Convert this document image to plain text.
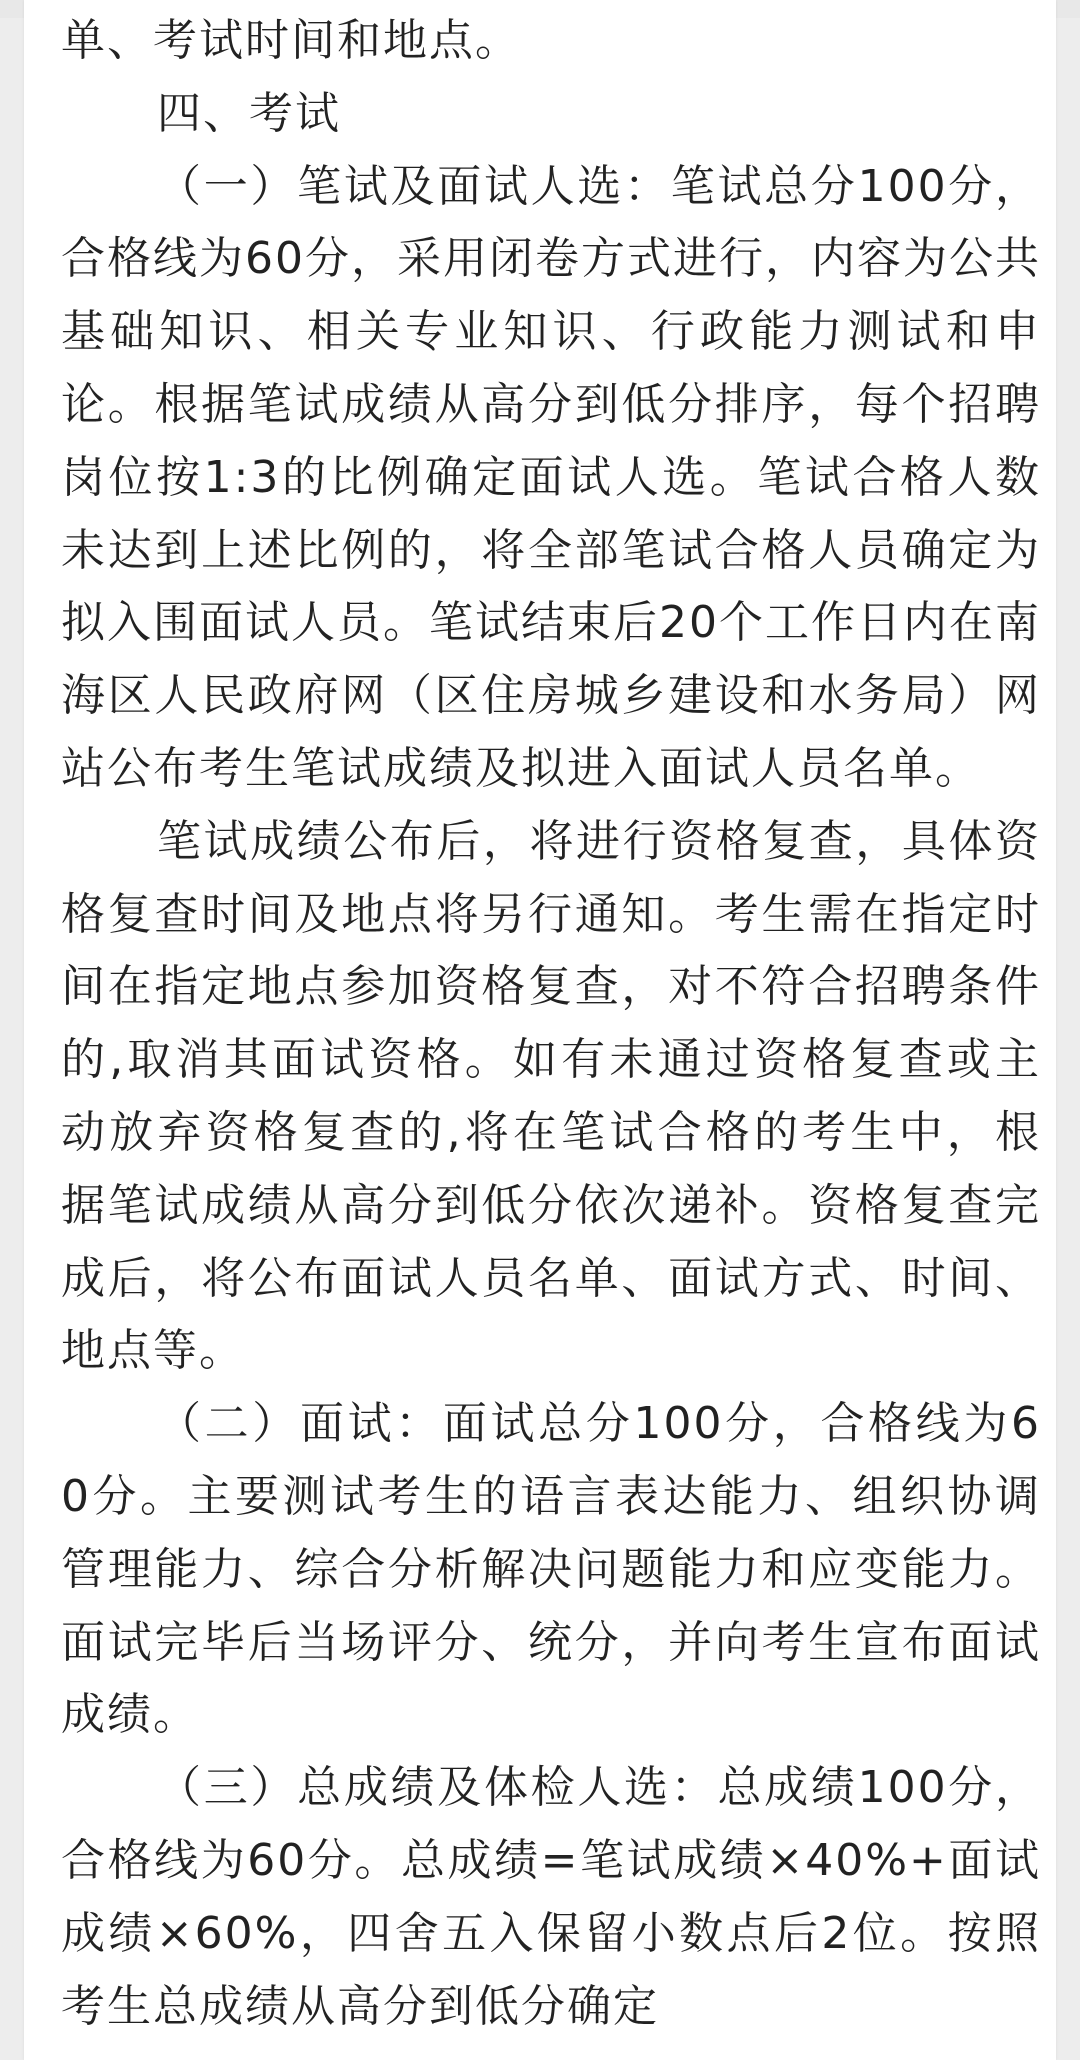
单、考试时间和地点。

四、考试

（一）笔试及面试人选：笔试总分100分，合格线为60分，采用闭卷方式进行，内容为公共基础知识、相关专业知识、行政能力测试和申论。根据笔试成绩从高分到低分排序，每个招聘岗位按1:3的比例确定面试人选。笔试合格人数未达到上述比例的，将全部笔试合格人员确定为拟入围面试人员。笔试结束后20个工作日内在南海区人民政府网（区住房城乡建设和水务局）网站公布考生笔试成绩及拟进入面试人员名单。

笔试成绩公布后，将进行资格复查，具体资格复查时间及地点将另行通知。考生需在指定时间在指定地点参加资格复查，对不符合招聘条件的,取消其面试资格。如有未通过资格复查或主动放弃资格复查的,将在笔试合格的考生中，根据笔试成绩从高分到低分依次递补。资格复查完成后，将公布面试人员名单、面试方式、时间、地点等。

（二）面试：面试总分100分，合格线为60分。主要测试考生的语言表达能力、组织协调管理能力、综合分析解决问题能力和应变能力。面试完毕后当场评分、统分，并向考生宣布面试成绩。

（三）总成绩及体检人选：总成绩100分，合格线为60分。总成绩=笔试成绩×40%+面试成绩×60%，四舍五入保留小数点后2位。按照考生总成绩从高分到低分确定
